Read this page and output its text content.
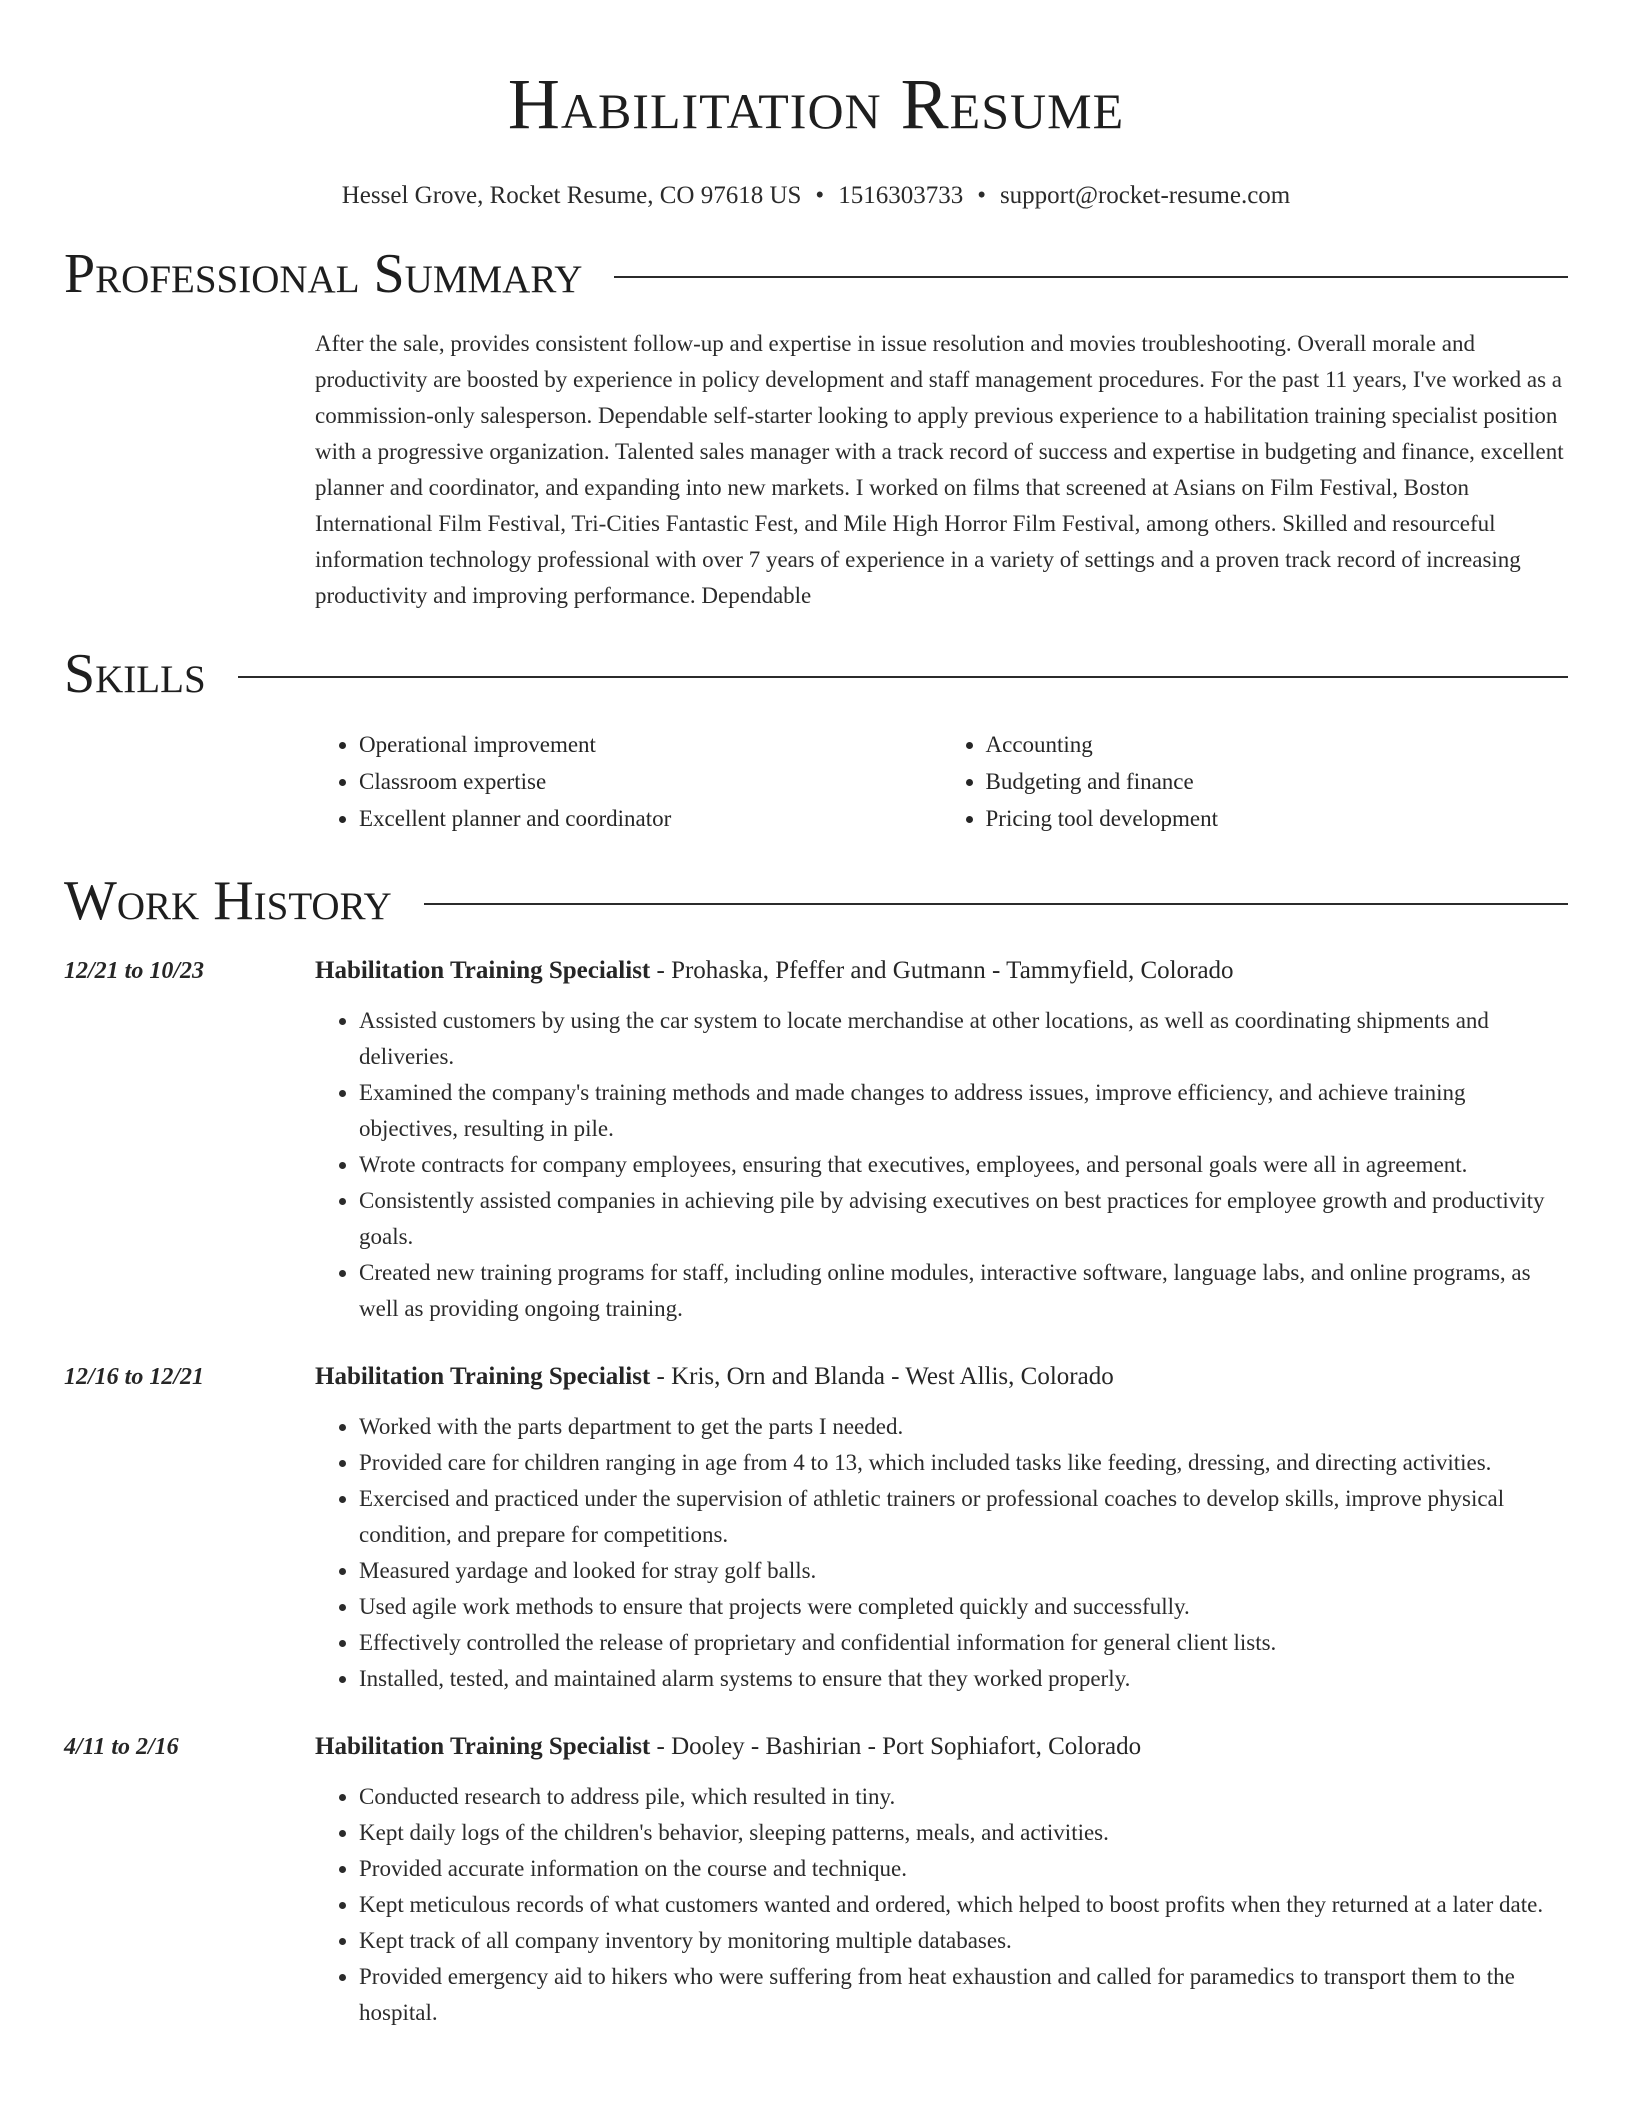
Habilitation Resume
Hessel Grove, Rocket Resume, CO 97618 US • 1516303733 • support@rocket-resume.com
Professional Summary

After the sale, provides consistent follow-up and expertise in issue resolution and movies troubleshooting. Overall morale and productivity are boosted by experience in policy development and staff management procedures. For the past 11 years, I've worked as a commission-only salesperson. Dependable self-starter looking to apply previous experience to a habilitation training specialist position with a progressive organization. Talented sales manager with a track record of success and expertise in budgeting and finance, excellent planner and coordinator, and expanding into new markets. I worked on films that screened at Asians on Film Festival, Boston International Film Festival, Tri-Cities Fantastic Fest, and Mile High Horror Film Festival, among others. Skilled and resourceful information technology professional with over 7 years of experience in a variety of settings and a proven track record of increasing productivity and improving performance. Dependable

Skills
• Operational improvement
• Classroom expertise
• Excellent planner and coordinator
• Accounting
• Budgeting and finance
• Pricing tool development
Work History
12/21 to 10/23	Habilitation Training Specialist - Prohaska, Pfeffer and Gutmann - Tammyfield, Colorado

• Assisted customers by using the car system to locate merchandise at other locations, as well as coordinating shipments and deliveries.
• Examined the company's training methods and made changes to address issues, improve efficiency, and achieve training objectives, resulting in pile.
• Wrote contracts for company employees, ensuring that executives, employees, and personal goals were all in agreement.
• Consistently assisted companies in achieving pile by advising executives on best practices for employee growth and productivity goals.
• Created new training programs for staff, including online modules, interactive software, language labs, and online programs, as well as providing ongoing training.
12/16 to 12/21	Habilitation Training Specialist - Kris, Orn and Blanda - West Allis, Colorado

• Worked with the parts department to get the parts I needed.
• Provided care for children ranging in age from 4 to 13, which included tasks like feeding, dressing, and directing activities.
• Exercised and practiced under the supervision of athletic trainers or professional coaches to develop skills, improve physical condition, and prepare for competitions.
• Measured yardage and looked for stray golf balls.
• Used agile work methods to ensure that projects were completed quickly and successfully.
• Effectively controlled the release of proprietary and confidential information for general client lists.
• Installed, tested, and maintained alarm systems to ensure that they worked properly.
4/11 to 2/16	Habilitation Training Specialist - Dooley - Bashirian - Port Sophiafort, Colorado

• Conducted research to address pile, which resulted in tiny.
• Kept daily logs of the children's behavior, sleeping patterns, meals, and activities.
• Provided accurate information on the course and technique.
• Kept meticulous records of what customers wanted and ordered, which helped to boost profits when they returned at a later date.
• Kept track of all company inventory by monitoring multiple databases.
• Provided emergency aid to hikers who were suffering from heat exhaustion and called for paramedics to transport them to the hospital.
